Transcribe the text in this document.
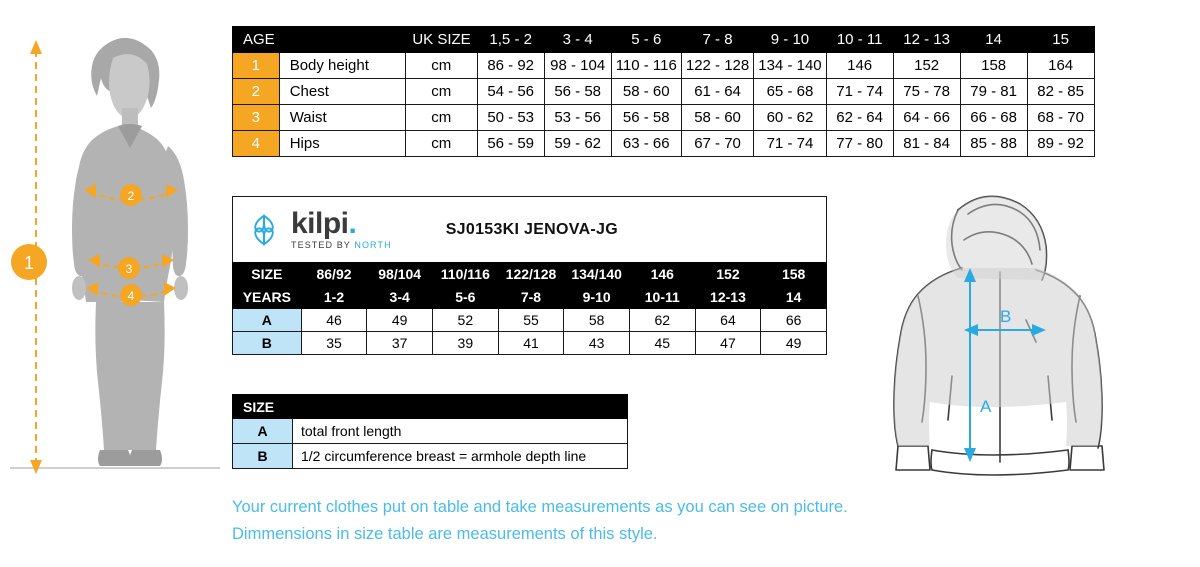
1
2
3
4
AGE		UK SIZE	1,5 - 2	3 - 4	5 - 6	7 - 8	9 - 10	10 - 11	12 - 13	14	15
1	Body height	cm	86 - 92	98 - 104	110 - 116	122 - 128	134 - 140	146	152	158	164
2	Chest	cm	54 - 56	56 - 58	58 - 60	61 - 64	65 - 68	71 - 74	75 - 78	79 - 81	82 - 85
3	Waist	cm	50 - 53	53 - 56	56 - 58	58 - 60	60 - 62	62 - 64	64 - 66	66 - 68	68 - 70
4	Hips	cm	56 - 59	59 - 62	63 - 66	67 - 70	71 - 74	77 - 80	81 - 84	85 - 88	89 - 92
kilpi.
TESTED BY NORTH
SJ0153KI JENOVA-JG
SIZE	86/92	98/104	110/116	122/128	134/140	146	152	158
YEARS	1-2	3-4	5-6	7-8	9-10	10-11	12-13	14
A	46	49	52	55	58	62	64	66
B	35	37	39	41	43	45	47	49
SIZE	
A	total front length
B	1/2 circumference breast = armhole depth line
Your current clothes put on table and take measurements as you can see on picture.
Dimmensions in size table are measurements of this style.
A
B
